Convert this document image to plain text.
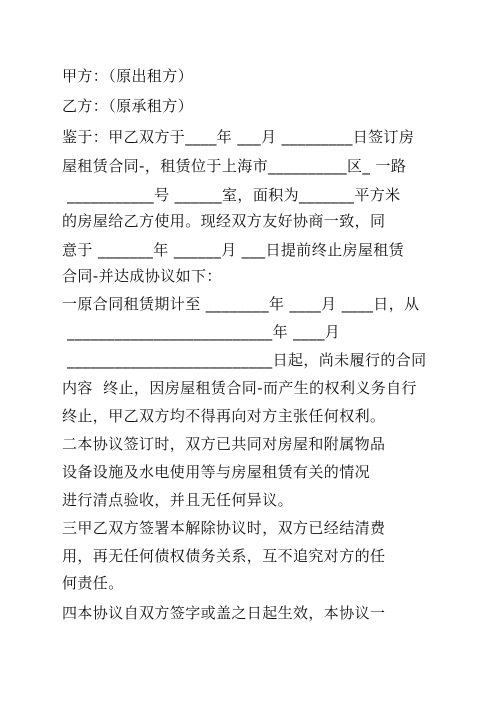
甲方：（原出租方）
乙方：（原承租方）
鉴于：甲乙双方于____年 ___月 _________日签订房
屋租赁合同-，租赁位于上海市__________区_ 一路
___________号 ______室，面积为_______平方米
的房屋给乙方使用。现经双方友好协商一致，同
意于 _______年 ______月 ___日提前终止房屋租赁
合同-并达成协议如下：
一原合同租赁期计至 ________年 ____月 ____日，从
__________________________年 ____月
__________________________日起，尚未履行的合同
内容  终止，因房屋租赁合同-而产生的权利义务自行
终止，甲乙双方均不得再向对方主张任何权利。
二本协议签订时，双方已共同对房屋和附属物品
设备设施及水电使用等与房屋租赁有关的情况
进行清点验收，并且无任何异议。
三甲乙双方签署本解除协议时，双方已经结清费
用，再无任何债权债务关系，互不追究对方的任
何责任。
四本协议自双方签字或盖之日起生效，本协议一
